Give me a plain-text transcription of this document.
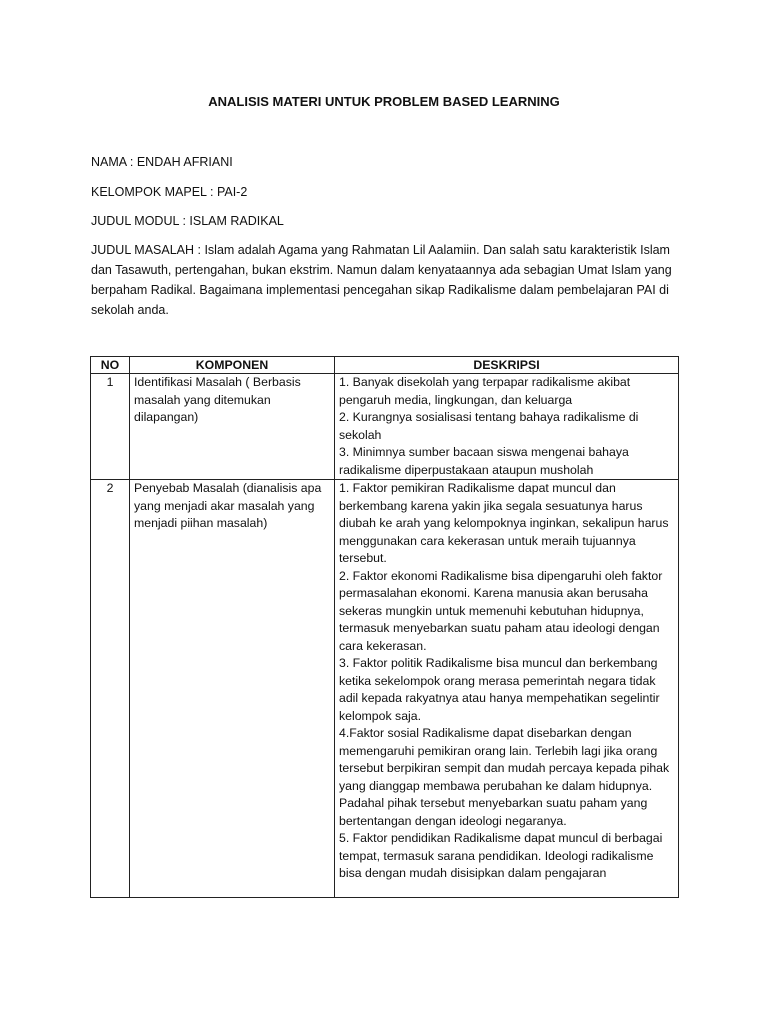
ANALISIS MATERI UNTUK PROBLEM BASED LEARNING
NAMA : ENDAH AFRIANI
KELOMPOK MAPEL : PAI-2
JUDUL MODUL : ISLAM RADIKAL
JUDUL MASALAH : Islam adalah Agama yang Rahmatan Lil Aalamiin. Dan salah satu karakteristik Islam dan Tasawuth, pertengahan, bukan ekstrim. Namun dalam kenyataannya ada sebagian Umat Islam yang berpaham Radikal. Bagaimana implementasi pencegahan sikap Radikalisme dalam pembelajaran PAI di sekolah anda.
NO	KOMPONEN	DESKRIPSI
1	Identifikasi Masalah ( Berbasis masalah yang ditemukan dilapangan)	1. Banyak disekolah yang terpapar radikalisme akibat pengaruh media, lingkungan, dan keluarga
2. Kurangnya sosialisasi tentang bahaya radikalisme di sekolah
3. Minimnya sumber bacaan siswa mengenai bahaya radikalisme diperpustakaan ataupun musholah

2	Penyebab Masalah (dianalisis apa yang menjadi akar masalah yang menjadi piihan masalah)	1. Faktor pemikiran Radikalisme dapat muncul dan berkembang karena yakin jika segala sesuatunya harus diubah ke arah yang kelompoknya inginkan, sekalipun harus menggunakan cara kekerasan untuk meraih tujuannya tersebut.
2. Faktor ekonomi Radikalisme bisa dipengaruhi oleh faktor permasalahan ekonomi. Karena manusia akan berusaha sekeras mungkin untuk memenuhi kebutuhan hidupnya, termasuk menyebarkan suatu paham atau ideologi dengan cara kekerasan.
3. Faktor politik Radikalisme bisa muncul dan berkembang ketika sekelompok orang merasa pemerintah negara tidak adil kepada rakyatnya atau hanya mempehatikan segelintir kelompok saja.
4.Faktor sosial Radikalisme dapat disebarkan dengan memengaruhi pemikiran orang lain. Terlebih lagi jika orang tersebut berpikiran sempit dan mudah percaya kepada pihak yang dianggap membawa perubahan ke dalam hidupnya. Padahal pihak tersebut menyebarkan suatu paham yang bertentangan dengan ideologi negaranya.
5. Faktor pendidikan Radikalisme dapat muncul di berbagai tempat, termasuk sarana pendidikan. Ideologi radikalisme bisa dengan mudah disisipkan dalam pengajaran
